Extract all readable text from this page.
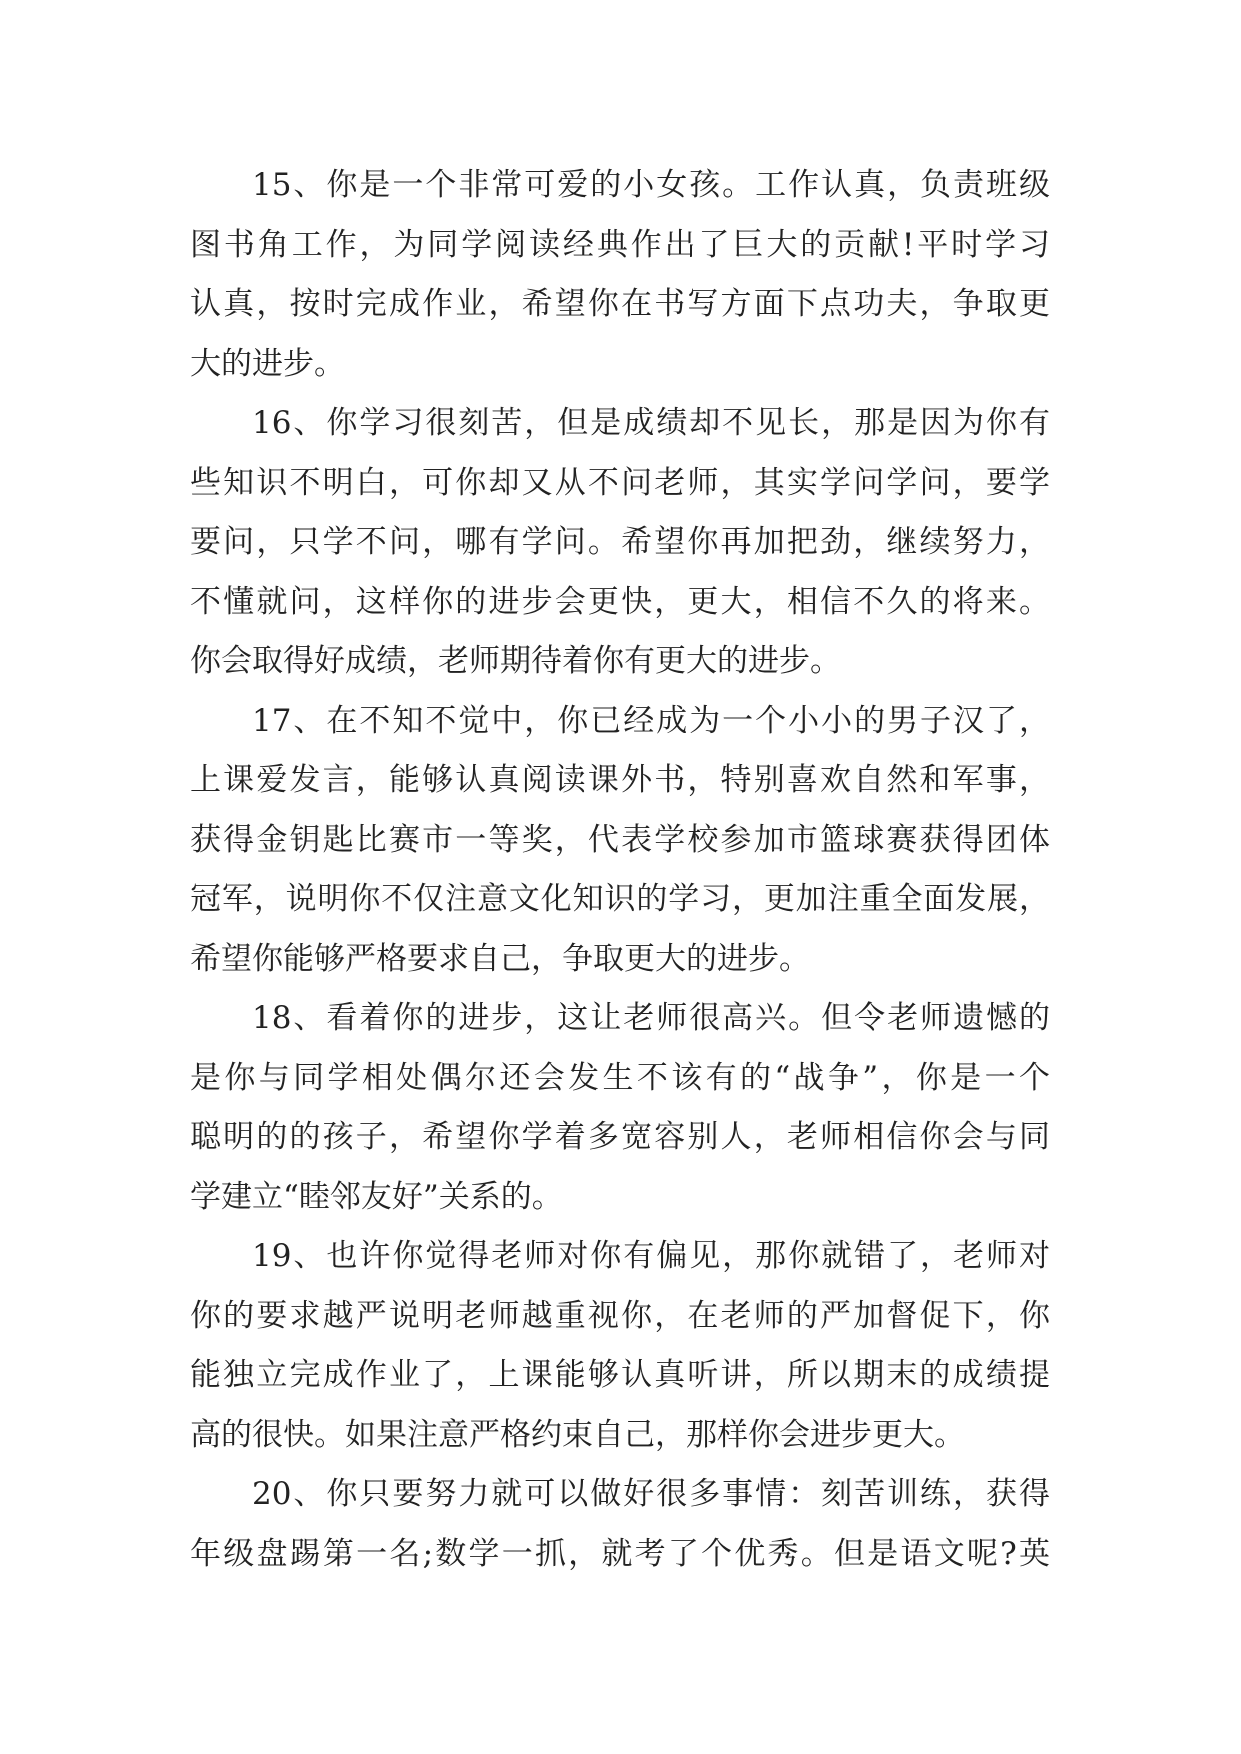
15、你是一个非常可爱的小女孩。工作认真，负责班级
图书角工作，为同学阅读经典作出了巨大的贡献!平时学习
认真，按时完成作业，希望你在书写方面下点功夫，争取更
大的进步。
16、你学习很刻苦，但是成绩却不见长，那是因为你有
些知识不明白，可你却又从不问老师，其实学问学问，要学
要问，只学不问，哪有学问。希望你再加把劲，继续努力，
不懂就问，这样你的进步会更快，更大，相信不久的将来。
你会取得好成绩，老师期待着你有更大的进步。
17、在不知不觉中，你已经成为一个小小的男子汉了，
上课爱发言，能够认真阅读课外书，特别喜欢自然和军事，
获得金钥匙比赛市一等奖，代表学校参加市篮球赛获得团体
冠军，说明你不仅注意文化知识的学习，更加注重全面发展，
希望你能够严格要求自己，争取更大的进步。
18、看着你的进步，这让老师很高兴。但令老师遗憾的
是你与同学相处偶尔还会发生不该有的“战争”，你是一个
聪明的的孩子，希望你学着多宽容别人，老师相信你会与同
学建立“睦邻友好”关系的。
19、也许你觉得老师对你有偏见，那你就错了，老师对
你的要求越严说明老师越重视你，在老师的严加督促下，你
能独立完成作业了，上课能够认真听讲，所以期末的成绩提
高的很快。如果注意严格约束自己，那样你会进步更大。
20、你只要努力就可以做好很多事情：刻苦训练，获得
年级盘踢第一名;数学一抓，就考了个优秀。但是语文呢?英
